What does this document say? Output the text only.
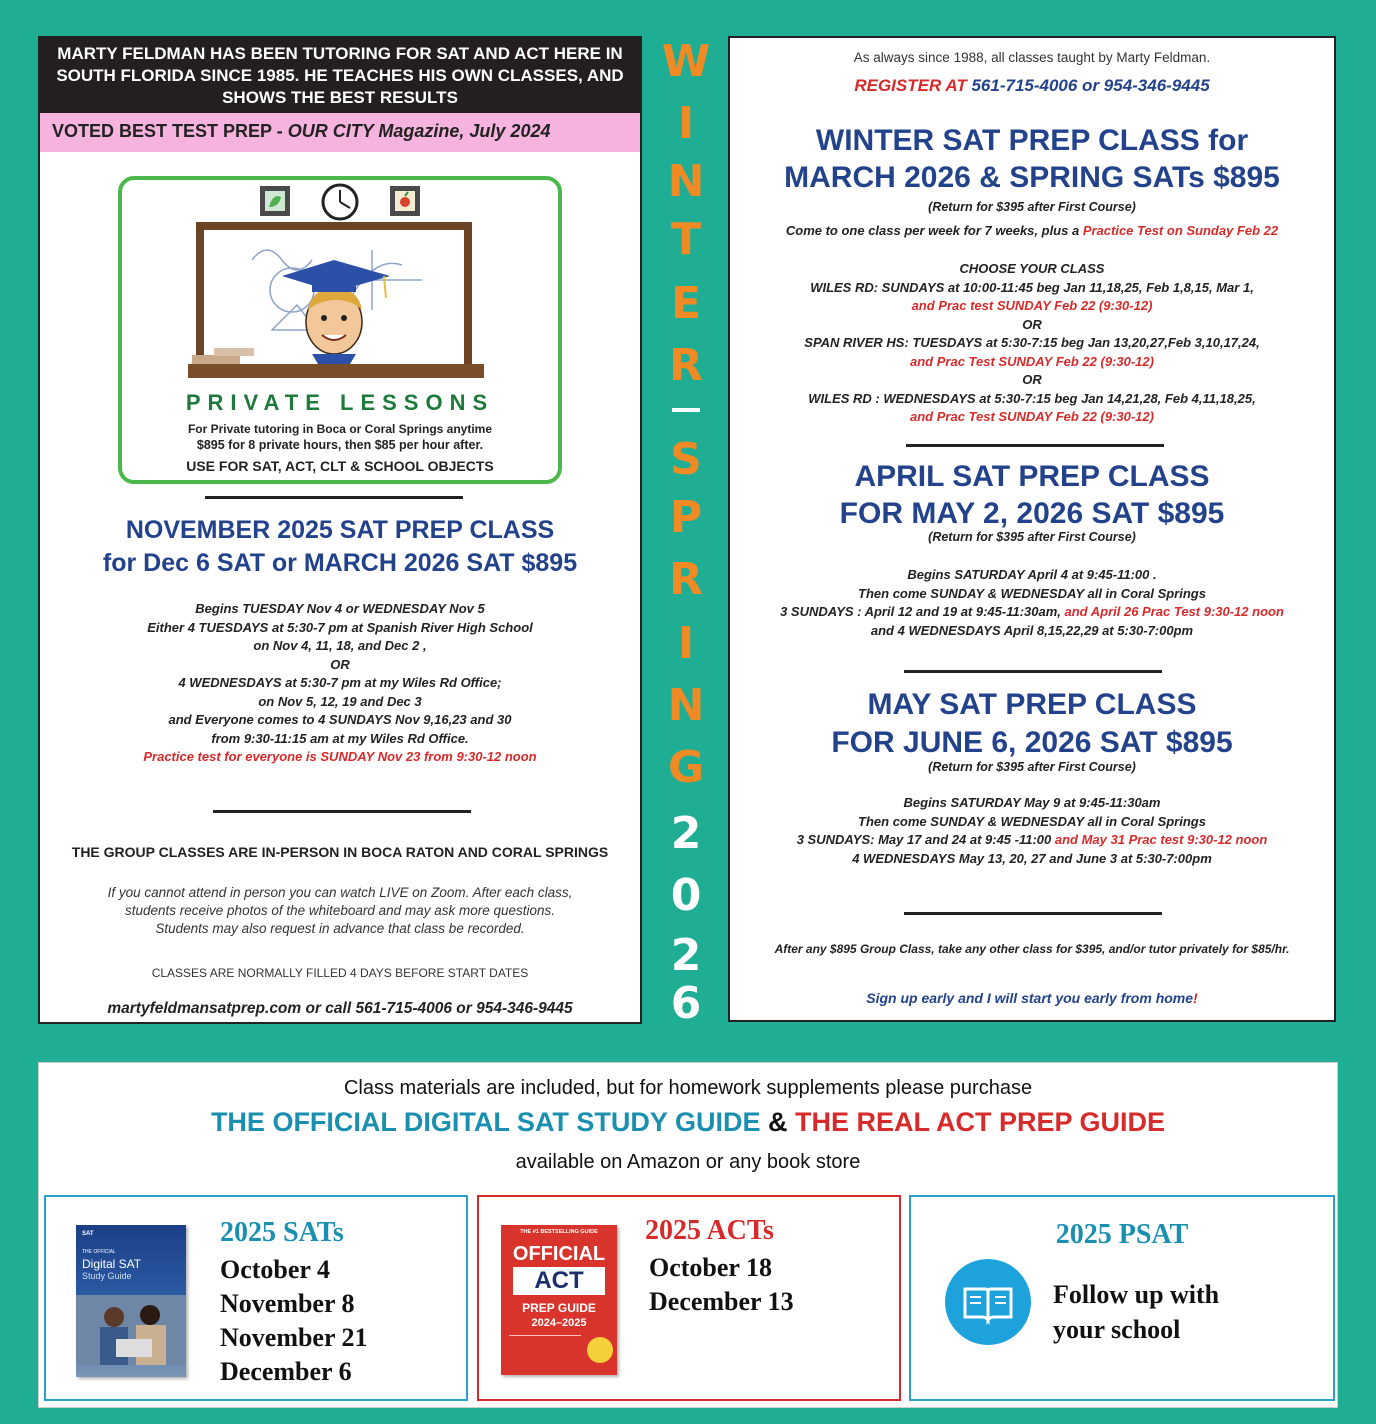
MARTY FELDMAN HAS BEEN TUTORING FOR SAT AND ACT HERE IN SOUTH FLORIDA SINCE 1985. HE TEACHES HIS OWN CLASSES, AND SHOWS THE BEST RESULTS
VOTED BEST TEST PREP - OUR CITY Magazine, July 2024
PRIVATE LESSONS
For Private tutoring in Boca or Coral Springs anytime
$895 for 8 private hours, then $85 per hour after.
USE FOR SAT, ACT, CLT & SCHOOL OBJECTS
NOVEMBER 2025 SAT PREP CLASS
for Dec 6 SAT or MARCH 2026 SAT $895
Begins TUESDAY Nov 4 or WEDNESDAY Nov 5
Either 4 TUESDAYS at 5:30-7 pm at Spanish River High School
on Nov 4, 11, 18, and Dec 2 ,
OR
4 WEDNESDAYS at 5:30-7 pm at my Wiles Rd Office;
on Nov 5, 12, 19 and Dec 3
and Everyone comes to 4 SUNDAYS Nov 9,16,23 and 30
from 9:30-11:15 am at my Wiles Rd Office.
Practice test for everyone is SUNDAY Nov 23 from 9:30-12 noon
THE GROUP CLASSES ARE IN-PERSON IN BOCA RATON AND CORAL SPRINGS
If you cannot attend in person you can watch LIVE on Zoom. After each class,
students receive photos of the whiteboard and may ask more questions.
Students may also request in advance that class be recorded.
CLASSES ARE NORMALLY FILLED 4 DAYS BEFORE START DATES
martyfeldmansatprep.com or call 561-715-4006 or 954-346-9445
W
I
N
T
E
R
S
P
R
I
N
G
2
0
2
6
As always since 1988, all classes taught by Marty Feldman.
REGISTER AT 561-715-4006 or 954-346-9445
WINTER SAT PREP CLASS for
MARCH 2026 & SPRING SATs $895
(Return for $395 after First Course)
Come to one class per week for 7 weeks, plus a Practice Test on Sunday Feb 22
CHOOSE YOUR CLASS
WILES RD: SUNDAYS at 10:00-11:45 beg Jan 11,18,25, Feb 1,8,15, Mar 1,
and Prac test SUNDAY Feb 22 (9:30-12)
OR
SPAN RIVER HS: TUESDAYS at 5:30-7:15 beg Jan 13,20,27,Feb 3,10,17,24,
and Prac Test SUNDAY Feb 22 (9:30-12)
OR
WILES RD : WEDNESDAYS at 5:30-7:15 beg Jan 14,21,28, Feb 4,11,18,25,
and Prac Test SUNDAY Feb 22 (9:30-12)
APRIL SAT PREP CLASS
FOR MAY 2, 2026 SAT $895
(Return for $395 after First Course)
Begins SATURDAY April 4 at 9:45-11:00 .
Then come SUNDAY & WEDNESDAY all in Coral Springs
3 SUNDAYS : April 12 and 19 at 9:45-11:30am, and April 26 Prac Test 9:30-12 noon
and 4 WEDNESDAYS April 8,15,22,29 at 5:30-7:00pm
MAY SAT PREP CLASS
FOR JUNE 6, 2026 SAT $895
(Return for $395 after First Course)
Begins SATURDAY May 9 at 9:45-11:30am
Then come SUNDAY & WEDNESDAY all in Coral Springs
3 SUNDAYS: May 17 and 24 at 9:45 -11:00 and May 31 Prac test 9:30-12 noon
4 WEDNESDAYS May 13, 20, 27 and June 3 at 5:30-7:00pm
After any $895 Group Class, take any other class for $395, and/or tutor privately for $85/hr.
Sign up early and I will start you early from home!
Class materials are included, but for homework supplements please purchase
THE OFFICIAL DIGITAL SAT STUDY GUIDE & THE REAL ACT PREP GUIDE
available on Amazon or any book store
SAT
THE OFFICIAL
Digital SAT
Study Guide
2025 SATs
October 4
November 8
November 21
December 6
THE #1 BESTSELLING GUIDE
OFFICIAL
ACT
PREP GUIDE
2024–2025
2025 ACTs
October 18
December 13
2025 PSAT
Follow up with
your school
